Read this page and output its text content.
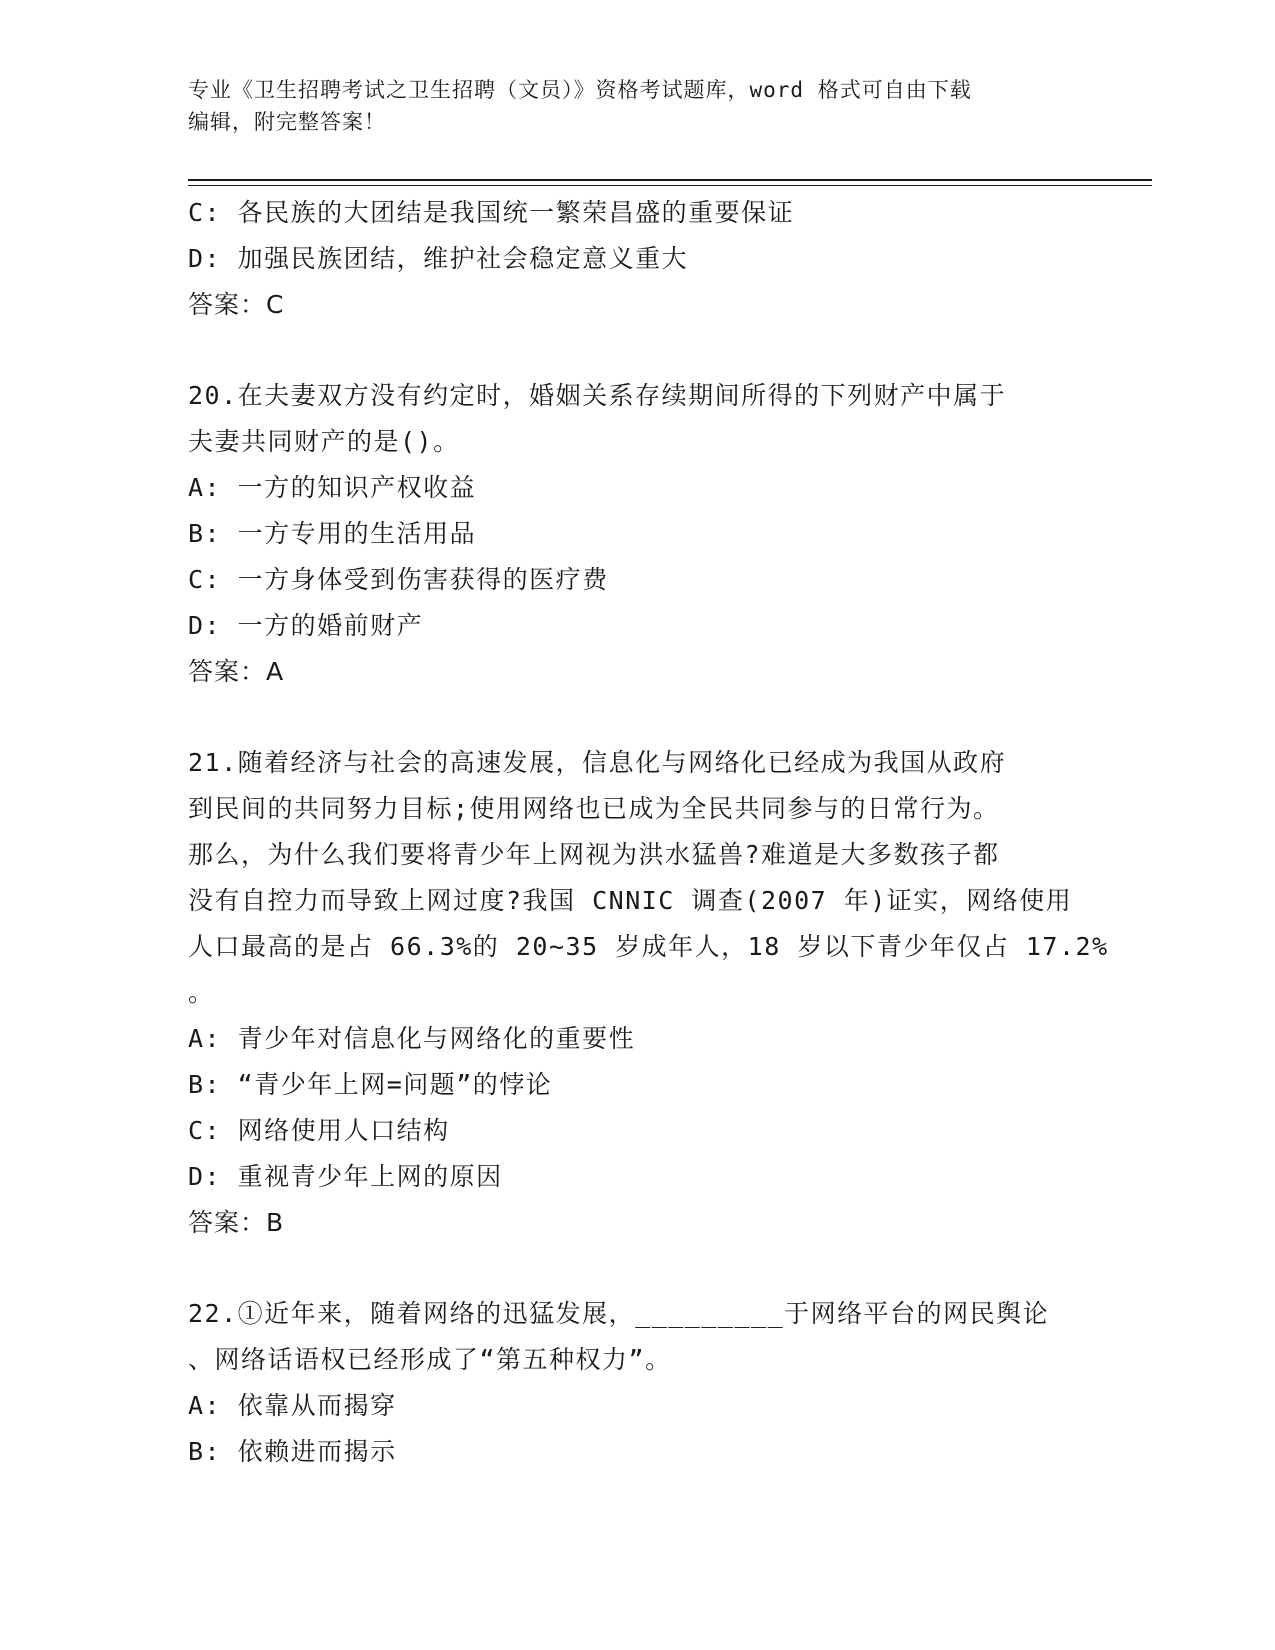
专业《卫生招聘考试之卫生招聘（文员）》资格考试题库，word 格式可自由下载
编辑，附完整答案！
C: 各民族的大团结是我国统一繁荣昌盛的重要保证
D: 加强民族团结，维护社会稳定意义重大
答案：C
20.在夫妻双方没有约定时，婚姻关系存续期间所得的下列财产中属于
夫妻共同财产的是()。
A: 一方的知识产权收益
B: 一方专用的生活用品
C: 一方身体受到伤害获得的医疗费
D: 一方的婚前财产
答案：A
21.随着经济与社会的高速发展，信息化与网络化已经成为我国从政府
到民间的共同努力目标;使用网络也已成为全民共同参与的日常行为。
那么，为什么我们要将青少年上网视为洪水猛兽?难道是大多数孩子都
没有自控力而导致上网过度?我国 CNNIC 调查(2007 年)证实，网络使用
人口最高的是占 66.3%的 20~35 岁成年人，18 岁以下青少年仅占 17.2%
。
A: 青少年对信息化与网络化的重要性
B: “青少年上网=问题”的悖论
C: 网络使用人口结构
D: 重视青少年上网的原因
答案：B
22.①近年来，随着网络的迅猛发展，_________于网络平台的网民舆论
、网络话语权已经形成了“第五种权力”。
A: 依靠从而揭穿
B: 依赖进而揭示
